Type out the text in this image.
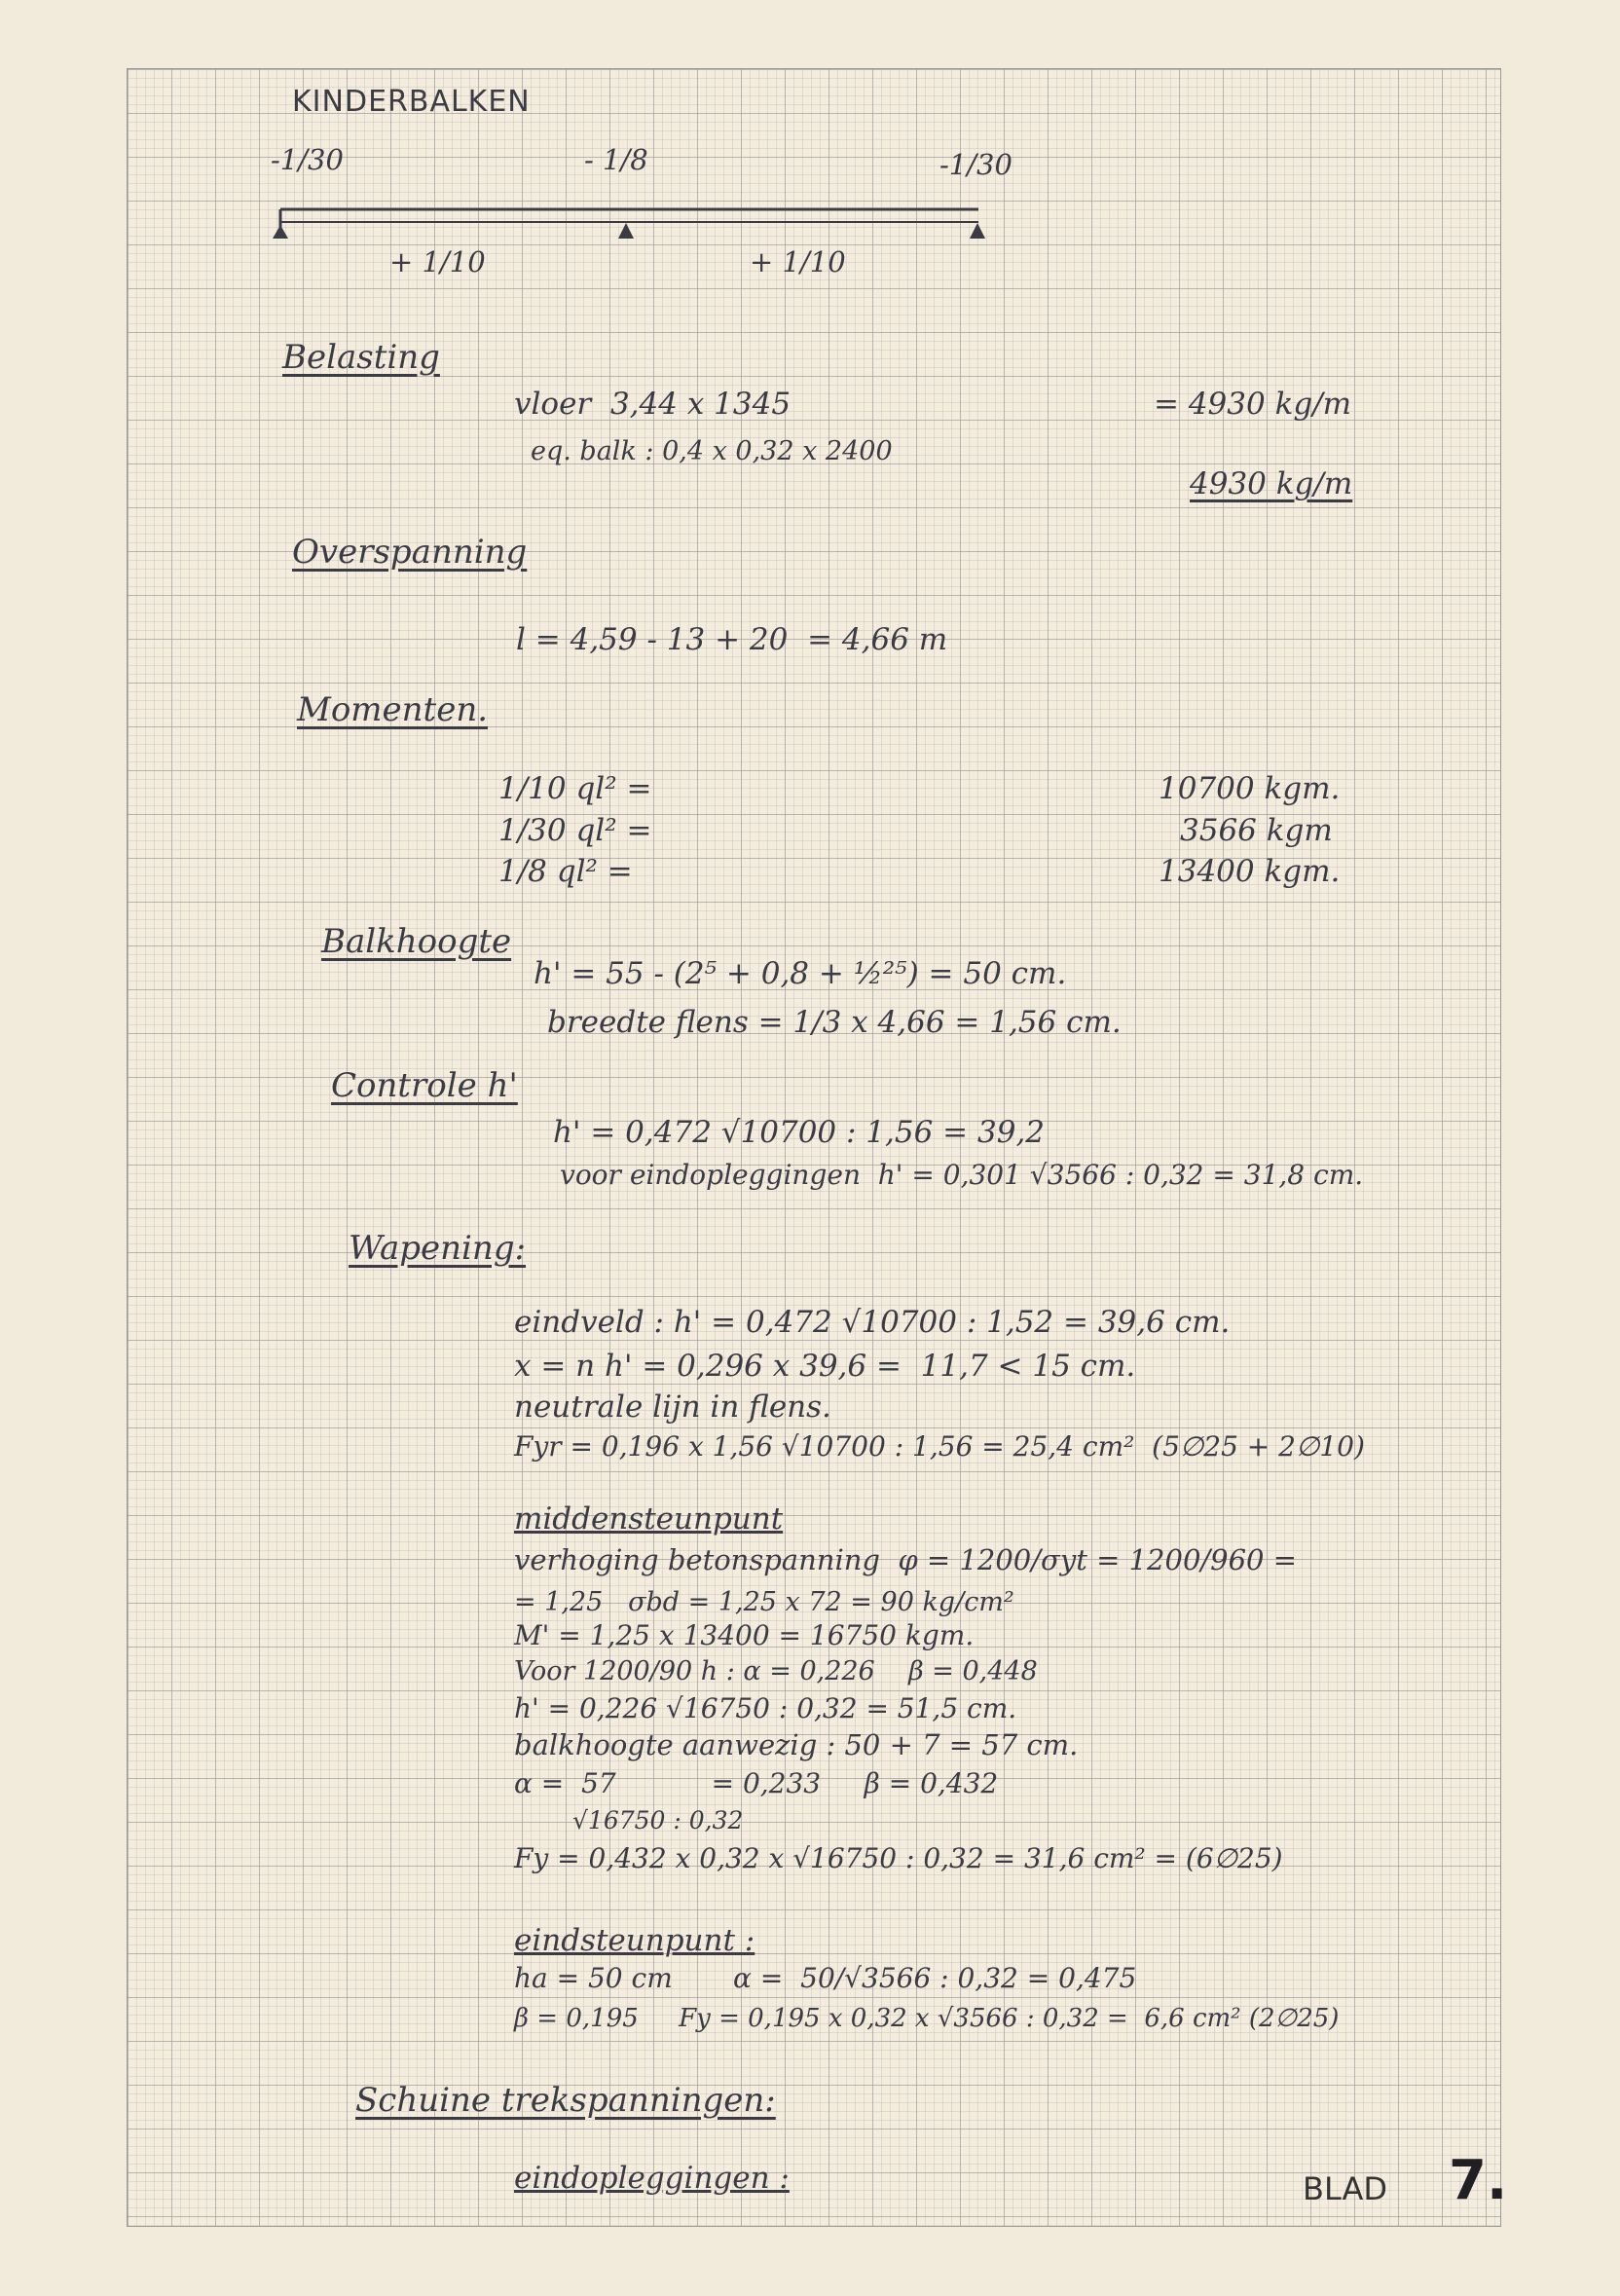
KINDERBALKEN
-1/30	- 1/8	-1/30
+ 1/10	+ 1/10
Belasting
vloer  3,44 x 1345	= 4930 kg/m
eq. balk : 0,4 x 0,32 x 2400
4930 kg/m
Overspanning
l = 4,59 - 13 + 20  = 4,66 m
Momenten.
1/10 ql² =	10700 kgm.
1/30 ql² =	3566 kgm
1/8 ql² =	13400 kgm.
Balkhoogte
h' = 55 - (2⁵ + 0,8 + ½²⁵) = 50 cm.
breedte flens = 1/3 x 4,66 = 1,56 cm.
Controle h'
h' = 0,472 √10700 : 1,56 = 39,2
voor eindopleggingen  h' = 0,301 √3566 : 0,32 = 31,8 cm.
Wapening:
eindveld : h' = 0,472 √10700 : 1,52 = 39,6 cm.
x = n h' = 0,296 x 39,6 =  11,7 < 15 cm.
neutrale lijn in flens.
Fyr = 0,196 x 1,56 √10700 : 1,56 = 25,4 cm²  (5∅25 + 2∅10)
middensteunpunt
verhoging betonspanning  φ = 1200/σyt = 1200/960 =
= 1,25   σbd = 1,25 x 72 = 90 kg/cm²
M' = 1,25 x 13400 = 16750 kgm.
Voor 1200/90 h : α = 0,226    β = 0,448
h' = 0,226 √16750 : 0,32 = 51,5 cm.
balkhoogte aanwezig : 50 + 7 = 57 cm.
α =  57           = 0,233     β = 0,432
√16750 : 0,32
Fy = 0,432 x 0,32 x √16750 : 0,32 = 31,6 cm² = (6∅25)
eindsteunpunt :
ha = 50 cm       α =  50/√3566 : 0,32 = 0,475
β = 0,195     Fy = 0,195 x 0,32 x √3566 : 0,32 =  6,6 cm² (2∅25)
Schuine trekspanningen:
eindopleggingen :	BLAD 7.
